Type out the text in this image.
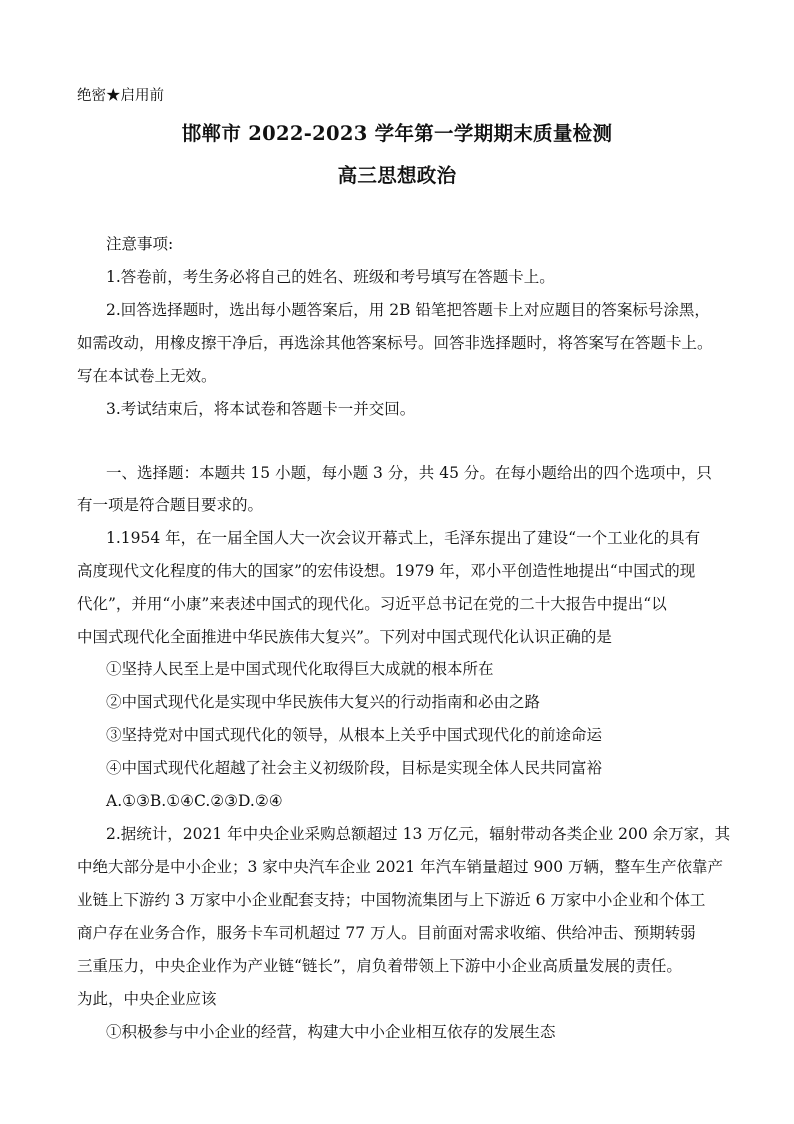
绝密★启用前
邯郸市 2022-2023 学年第一学期期末质量检测
高三思想政治
注意事项:
1.答卷前，考生务必将自己的姓名、班级和考号填写在答题卡上。
2.回答选择题时，选出每小题答案后，用 2B 铅笔把答题卡上对应题目的答案标号涂黑，
如需改动，用橡皮擦干净后，再选涂其他答案标号。回答非选择题时，将答案写在答题卡上。
写在本试卷上无效。
3.考试结束后，将本试卷和答题卡一并交回。
一、选择题：本题共 15 小题，每小题 3 分，共 45 分。在每小题给出的四个选项中，只
有一项是符合题目要求的。
1.1954 年，在一届全国人大一次会议开幕式上，毛泽东提出了建设“一个工业化的具有
高度现代文化程度的伟大的国家”的宏伟设想。1979 年，邓小平创造性地提出“中国式的现
代化”，并用“小康”来表述中国式的现代化。习近平总书记在党的二十大报告中提出“以
中国式现代化全面推进中华民族伟大复兴”。下列对中国式现代化认识正确的是
①坚持人民至上是中国式现代化取得巨大成就的根本所在
②中国式现代化是实现中华民族伟大复兴的行动指南和必由之路
③坚持党对中国式现代化的领导，从根本上关乎中国式现代化的前途命运
④中国式现代化超越了社会主义初级阶段，目标是实现全体人民共同富裕
A.①③B.①④C.②③D.②④
2.据统计，2021 年中央企业采购总额超过 13 万亿元，辐射带动各类企业 200 余万家，其
中绝大部分是中小企业；3 家中央汽车企业 2021 年汽车销量超过 900 万辆，整车生产依靠产
业链上下游约 3 万家中小企业配套支持；中国物流集团与上下游近 6 万家中小企业和个体工
商户存在业务合作，服务卡车司机超过 77 万人。目前面对需求收缩、供给冲击、预期转弱
三重压力，中央企业作为产业链“链长”，肩负着带领上下游中小企业高质量发展的责任。
为此，中央企业应该
①积极参与中小企业的经营，构建大中小企业相互依存的发展生态
